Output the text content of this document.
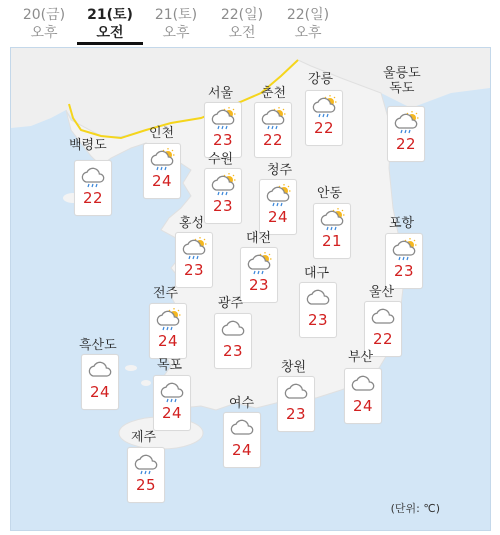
20(금)
오후
21(토)
오전
21(토)
오후
22(일)
오전
22(일)
오후
강릉
22
울릉도
독도
22
서울
23
춘천
22
인천
24
백령도
22
수원
23
청주
24
안동
21
홍성
23
대전
23
포항
23
대구
23
전주
24
울산
22
광주
23
흑산도
24
목포
24
부산
24
창원
23
여수
24
제주
25
(단위: ℃)
